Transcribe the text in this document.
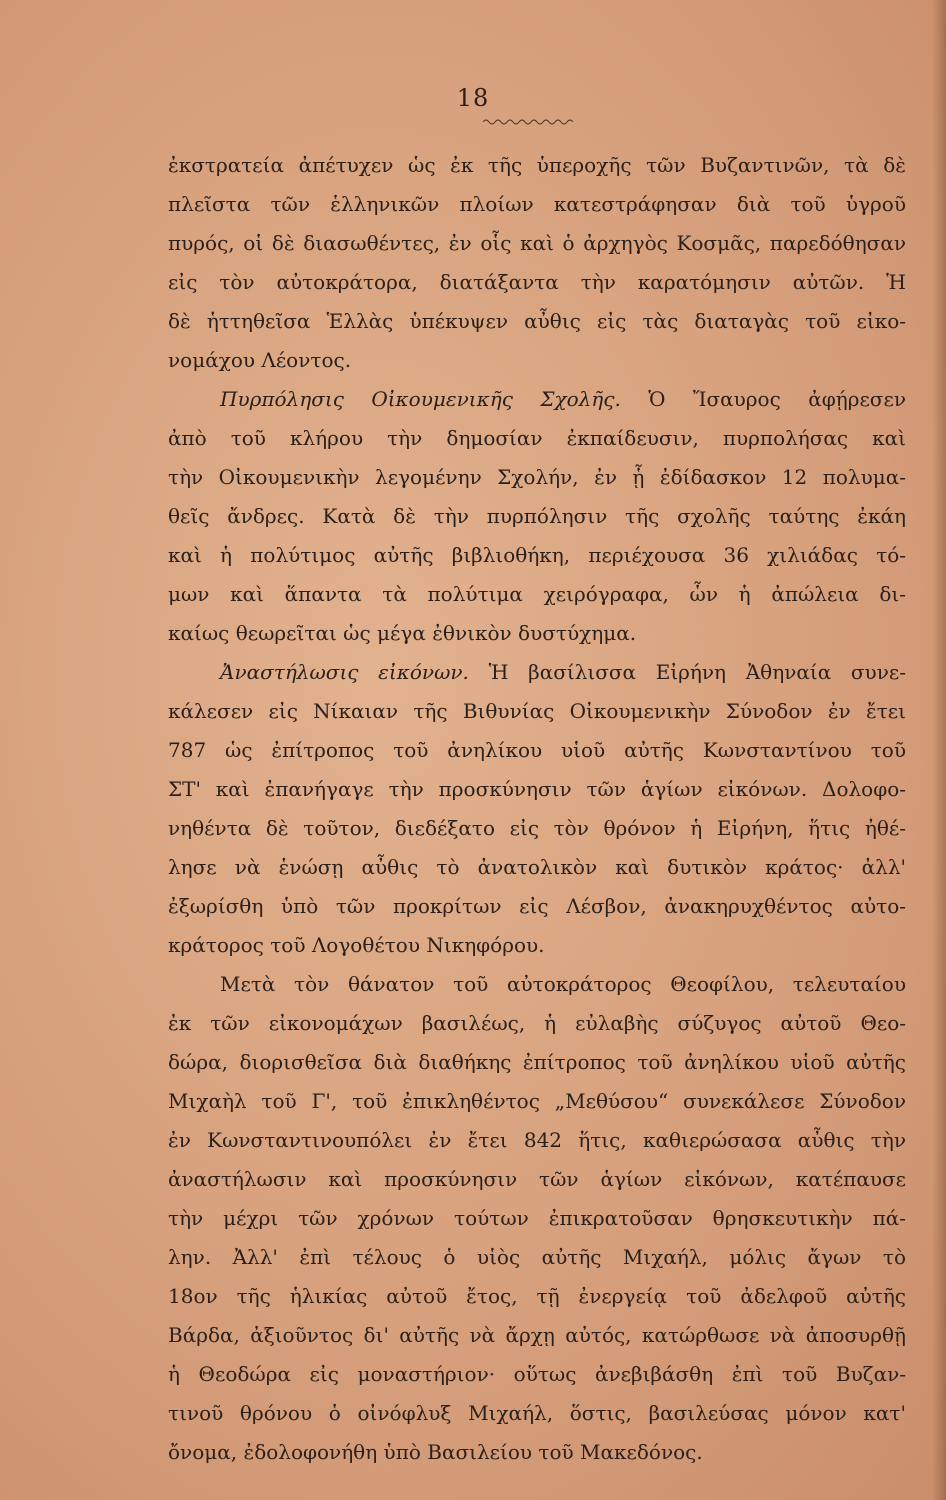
18
ἐκστρατεία ἀπέτυχεν ὡς ἐκ τῆς ὑπεροχῆς τῶν Βυζαντινῶν, τὰ δὲ
πλεῖστα τῶν ἑλληνικῶν πλοίων κατεστράφησαν διὰ τοῦ ὑγροῦ
πυρός, οἱ δὲ διασωθέντες, ἐν οἷς καὶ ὁ ἀρχηγὸς Κοσμᾶς, παρεδόθησαν
εἰς τὸν αὐτοκράτορα, διατάξαντα τὴν καρατόμησιν αὐτῶν. Ἡ
δὲ ἡττηθεῖσα Ἑλλὰς ὑπέκυψεν αὖθις εἰς τὰς διαταγὰς τοῦ εἰκο-
νομάχου Λέοντος.
Πυρπόλησις Οἰκουμενικῆς Σχολῆς. Ὁ Ἴσαυρος ἀφῄρεσεν
ἀπὸ τοῦ κλήρου τὴν δημοσίαν ἐκπαίδευσιν, πυρπολήσας καὶ
τὴν Οἰκουμενικὴν λεγομένην Σχολήν, ἐν ᾗ ἐδίδασκον 12 πολυμα-
θεῖς ἄνδρες. Κατὰ δὲ τὴν πυρπόλησιν τῆς σχολῆς ταύτης ἐκάη
καὶ ἡ πολύτιμος αὐτῆς βιβλιοθήκη, περιέχουσα 36 χιλιάδας τό-
μων καὶ ἅπαντα τὰ πολύτιμα χειρόγραφα, ὧν ἡ ἀπώλεια δι-
καίως θεωρεῖται ὡς μέγα ἐθνικὸν δυστύχημα.
Ἀναστήλωσις εἰκόνων. Ἡ βασίλισσα Εἰρήνη Ἀθηναία συνε-
κάλεσεν εἰς Νίκαιαν τῆς Βιθυνίας Οἰκουμενικὴν Σύνοδον ἐν ἔτει
787 ὡς ἐπίτροπος τοῦ ἀνηλίκου υἱοῦ αὐτῆς Κωνσταντίνου τοῦ
ΣΤ' καὶ ἐπανήγαγε τὴν προσκύνησιν τῶν ἁγίων εἰκόνων. Δολοφο-
νηθέντα δὲ τοῦτον, διεδέξατο εἰς τὸν θρόνον ἡ Εἰρήνη, ἥτις ἠθέ-
λησε νὰ ἑνώσῃ αὖθις τὸ ἀνατολικὸν καὶ δυτικὸν κράτος· ἀλλ'
ἐξωρίσθη ὑπὸ τῶν προκρίτων εἰς Λέσβον, ἀνακηρυχθέντος αὐτο-
κράτορος τοῦ Λογοθέτου Νικηφόρου.
Μετὰ τὸν θάνατον τοῦ αὐτοκράτορος Θεοφίλου, τελευταίου
ἐκ τῶν εἰκονομάχων βασιλέως, ἡ εὐλαβὴς σύζυγος αὐτοῦ Θεο-
δώρα, διορισθεῖσα διὰ διαθήκης ἐπίτροπος τοῦ ἀνηλίκου υἱοῦ αὐτῆς
Μιχαὴλ τοῦ Γ', τοῦ ἐπικληθέντος „Μεθύσου“ συνεκάλεσε Σύνοδον
ἐν Κωνσταντινουπόλει ἐν ἔτει 842 ἥτις, καθιερώσασα αὖθις τὴν
ἀναστήλωσιν καὶ προσκύνησιν τῶν ἁγίων εἰκόνων, κατέπαυσε
τὴν μέχρι τῶν χρόνων τούτων ἐπικρατοῦσαν θρησκευτικὴν πά-
λην. Ἀλλ' ἐπὶ τέλους ὁ υἱὸς αὐτῆς Μιχαήλ, μόλις ἄγων τὸ
18ον τῆς ἡλικίας αὐτοῦ ἔτος, τῇ ἐνεργείᾳ τοῦ ἀδελφοῦ αὐτῆς
Βάρδα, ἀξιοῦντος δι' αὐτῆς νὰ ἄρχῃ αὐτός, κατώρθωσε νὰ ἀποσυρθῇ
ἡ Θεοδώρα εἰς μοναστήριον· οὕτως ἀνεβιβάσθη ἐπὶ τοῦ Βυζαν-
τινοῦ θρόνου ὁ οἰνόφλυξ Μιχαήλ, ὅστις, βασιλεύσας μόνον κατ'
ὄνομα, ἐδολοφονήθη ὑπὸ Βασιλείου τοῦ Μακεδόνος.
